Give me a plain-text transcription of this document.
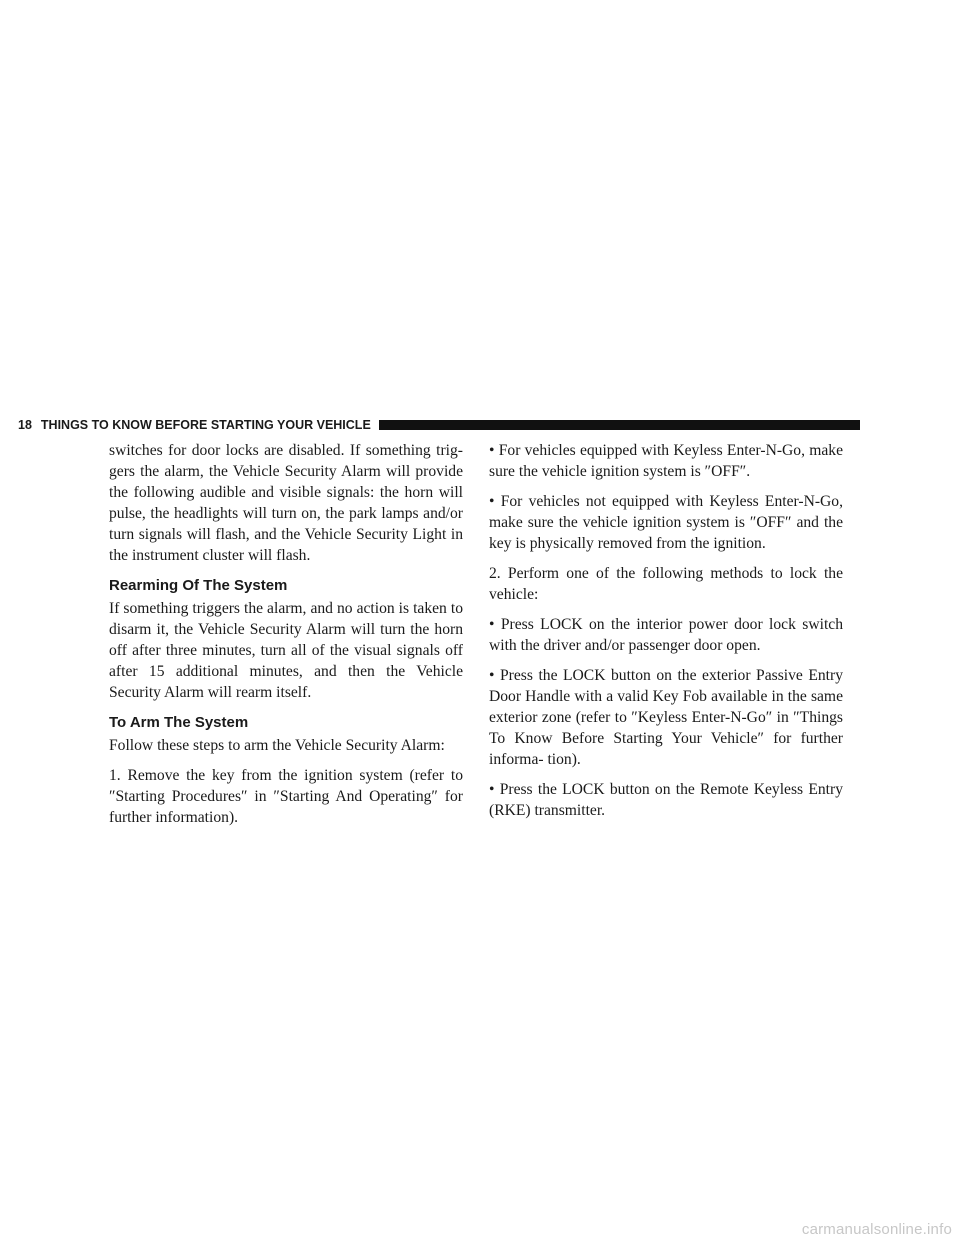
18 THINGS TO KNOW BEFORE STARTING YOUR VEHICLE

switches for door locks are disabled. If something trig- gers the alarm, the Vehicle Security Alarm will provide the following audible and visible signals: the horn will pulse, the headlights will turn on, the park lamps and/or turn signals will flash, and the Vehicle Security Light in the instrument cluster will flash.

Rearming Of The System

If something triggers the alarm, and no action is taken to disarm it, the Vehicle Security Alarm will turn the horn off after three minutes, turn all of the visual signals off after 15 additional minutes, and then the Vehicle Security Alarm will rearm itself.

To Arm The System

Follow these steps to arm the Vehicle Security Alarm:

1. Remove the key from the ignition system (refer to ″Starting Procedures″ in ″Starting And Operating″ for further information).

• For vehicles equipped with Keyless Enter-N-Go, make sure the vehicle ignition system is ″OFF″.

• For vehicles not equipped with Keyless Enter-N-Go, make sure the vehicle ignition system is ″OFF″ and the key is physically removed from the ignition.

2. Perform one of the following methods to lock the vehicle:

• Press LOCK on the interior power door lock switch with the driver and/or passenger door open.

• Press the LOCK button on the exterior Passive Entry Door Handle with a valid Key Fob available in the same exterior zone (refer to ″Keyless Enter-N-Go″ in ″Things To Know Before Starting Your Vehicle″ for further informa- tion).

• Press the LOCK button on the Remote Keyless Entry (RKE) transmitter.

carmanualsonline.info
